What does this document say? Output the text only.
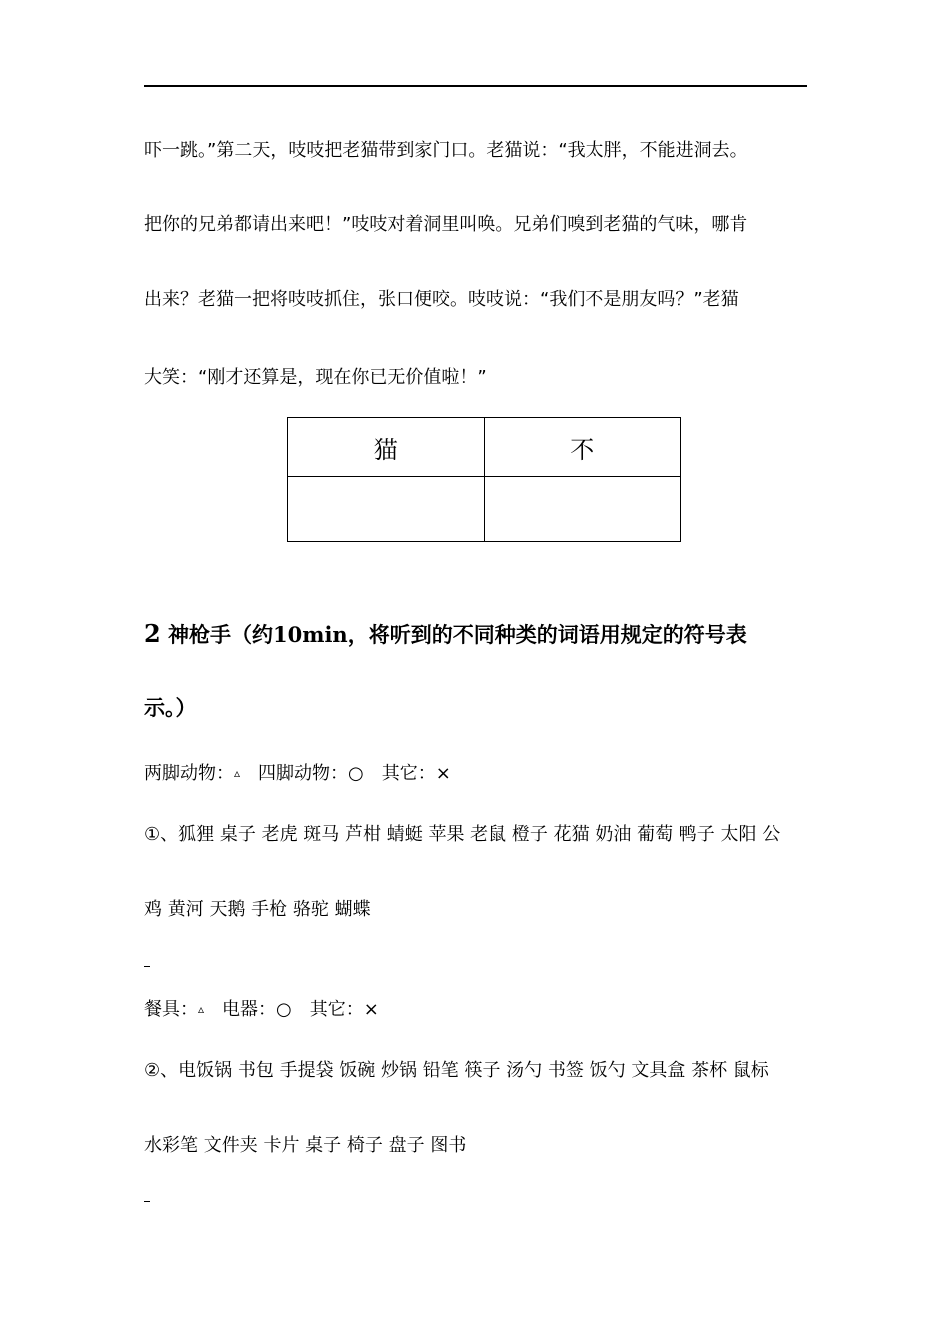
吓一跳。”第二天，吱吱把老猫带到家门口。老猫说：“我太胖，不能进洞去。
把你的兄弟都请出来吧！”吱吱对着洞里叫唤。兄弟们嗅到老猫的气味，哪肯
出来？老猫一把将吱吱抓住，张口便咬。吱吱说：“我们不是朋友吗？”老猫
大笑：“刚才还算是，现在你已无价值啦！”
猫	不

2 神枪手（约10min，将听到的不同种类的词语用规定的符号表
示。）
两脚动物：▵ 四脚动物：○ 其它：×
①、狐狸 桌子 老虎 斑马 芦柑 蜻蜓 苹果 老鼠 橙子 花猫 奶油 葡萄 鸭子 太阳 公
鸡 黄河 天鹅 手枪 骆驼 蝴蝶
餐具：▵ 电器：○ 其它：×
②、电饭锅 书包 手提袋 饭碗 炒锅 铅笔 筷子 汤勺 书签 饭勺 文具盒 茶杯 鼠标
水彩笔 文件夹 卡片 桌子 椅子 盘子 图书
